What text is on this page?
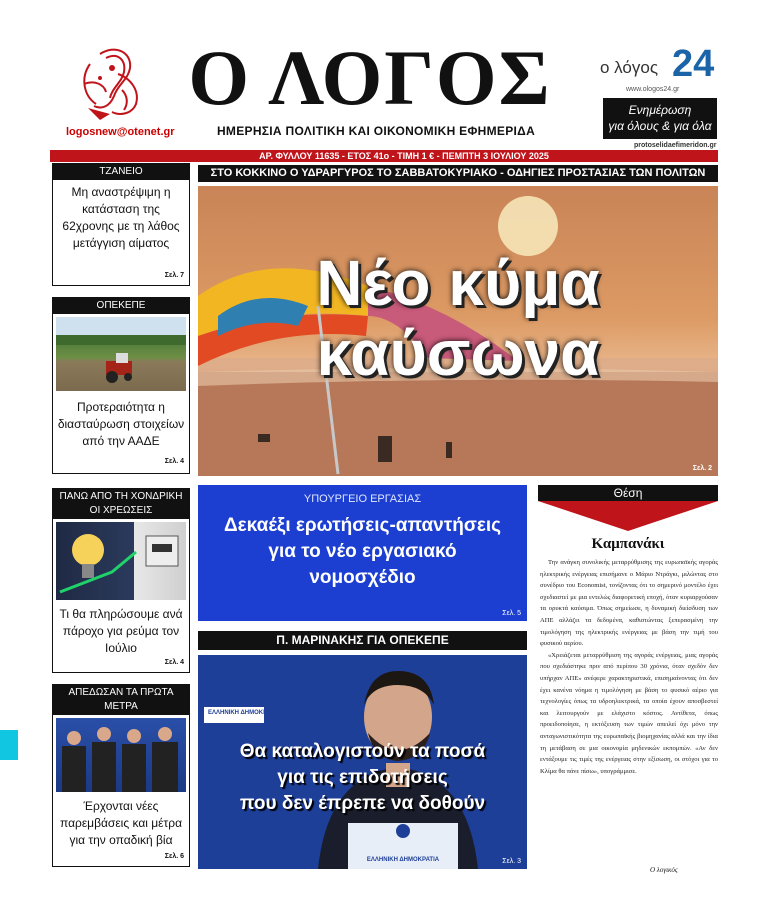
logosnew@otenet.gr
Ο ΛΟΓΟΣ
ΗΜΕΡΗΣΙΑ ΠΟΛΙΤΙΚΗ ΚΑΙ ΟΙΚΟΝΟΜΙΚΗ ΕΦΗΜΕΡΙΔΑ
ο λόγος 24
www.ologos24.gr
Ενημέρωση
για όλους & για όλα
protoselidaefimeridon.gr
ΑΡ. ΦΥΛΛΟΥ 11635 - ΕΤΟΣ 41ο - ΤΙΜΗ 1 € - ΠΕΜΠΤΗ 3 ΙΟΥΛΙΟΥ 2025
ΤΖΑΝΕΙΟ
Μη αναστρέψιμη η κατάσταση της 62χρονης με τη λάθος μετάγγιση αίματος
Σελ. 7
ΟΠΕΚΕΠΕ
Προτεραιότητα η διασταύρωση στοιχείων από την ΑΑΔΕ
Σελ. 4
ΠΑΝΩ ΑΠΟ ΤΗ ΧΟΝΔΡΙΚΗ ΟΙ ΧΡΕΩΣΕΙΣ
Τι θα πληρώσουμε ανά πάροχο για ρεύμα τον Ιούλιο
Σελ. 4
ΑΠΕΔΩΣΑΝ ΤΑ ΠΡΩΤΑ ΜΕΤΡΑ
Έρχονται νέες παρεμβάσεις και μέτρα για την οπαδική βία
Σελ. 6
ΣΤΟ ΚΟΚΚΙΝΟ Ο ΥΔΡΑΡΓΥΡΟΣ ΤΟ ΣΑΒΒΑΤΟΚΥΡΙΑΚΟ - ΟΔΗΓΙΕΣ ΠΡΟΣΤΑΣΙΑΣ ΤΩΝ ΠΟΛΙΤΩΝ
Νέο κύμα
καύσωνα
Σελ. 2
ΥΠΟΥΡΓΕΙΟ ΕΡΓΑΣΙΑΣ
Δεκαέξι ερωτήσεις-απαντήσεις
για το νέο εργασιακό
νομοσχέδιο
Σελ. 5
Π. ΜΑΡΙΝΑΚΗΣ ΓΙΑ ΟΠΕΚΕΠΕ
ΕΛΛΗΝΙΚΗ ΔΗΜΟΚΡΑΤΙΑ
Θα καταλογιστούν τα ποσά
για τις επιδοτήσεις
που δεν έπρεπε να δοθούν
ΕΛΛΗΝΙΚΗ ΔΗΜΟΚΡΑΤΙΑ	Σελ. 3
Θέση
Καμπανάκι

Την ανάγκη συνολικής μεταρρύθμισης της ευρωπαϊκής αγοράς ηλεκτρικής ενέργειας επισήμανε ο Μάριο Ντράγκι, μιλώντας στο συνέδριο του Economist, τονίζοντας ότι το σημερινό μοντέλο έχει σχεδιαστεί με μια εντελώς διαφορετική εποχή, όταν κυριαρχούσαν τα ορυκτά καύσιμα. Όπως σημείωσε, η δυναμική διείσδυση των ΑΠΕ αλλάζει τα δεδομένα, καθιστώντας ξεπερασμένη την τιμολόγηση της ηλεκτρικής ενέργειας με βάση την τιμή του φυσικού αερίου.

«Χρειάζεται μεταρρύθμιση της αγοράς ενέργειας, μιας αγοράς που σχεδιάστηκε πριν από περίπου 30 χρόνια, όταν σχεδόν δεν υπήρχαν ΑΠΕ» ανέφερε χαρακτηριστικά, επισημαίνοντας ότι δεν έχει κανένα νόημα η τιμολόγηση με βάση το φυσικό αέριο για τεχνολογίες όπως τα υδροηλεκτρικά, τα οποία έχουν αποσβεστεί και λειτουργούν με ελάχιστο κόστος. Αντίθετα, όπως προειδοποίησε, η εκτόξευση των τιμών απειλεί όχι μόνο την ανταγωνιστικότητα της ευρωπαϊκής βιομηχανίας αλλά και την ίδια τη μετάβαση σε μια οικονομία μηδενικών εκπομπών. «Αν δεν εντάξουμε τις τιμές της ενέργειας στην εξίσωση, οι στόχοι για το Κλίμα θα πάνε πίσω», υπογράμμισε.

Ο λογικός
